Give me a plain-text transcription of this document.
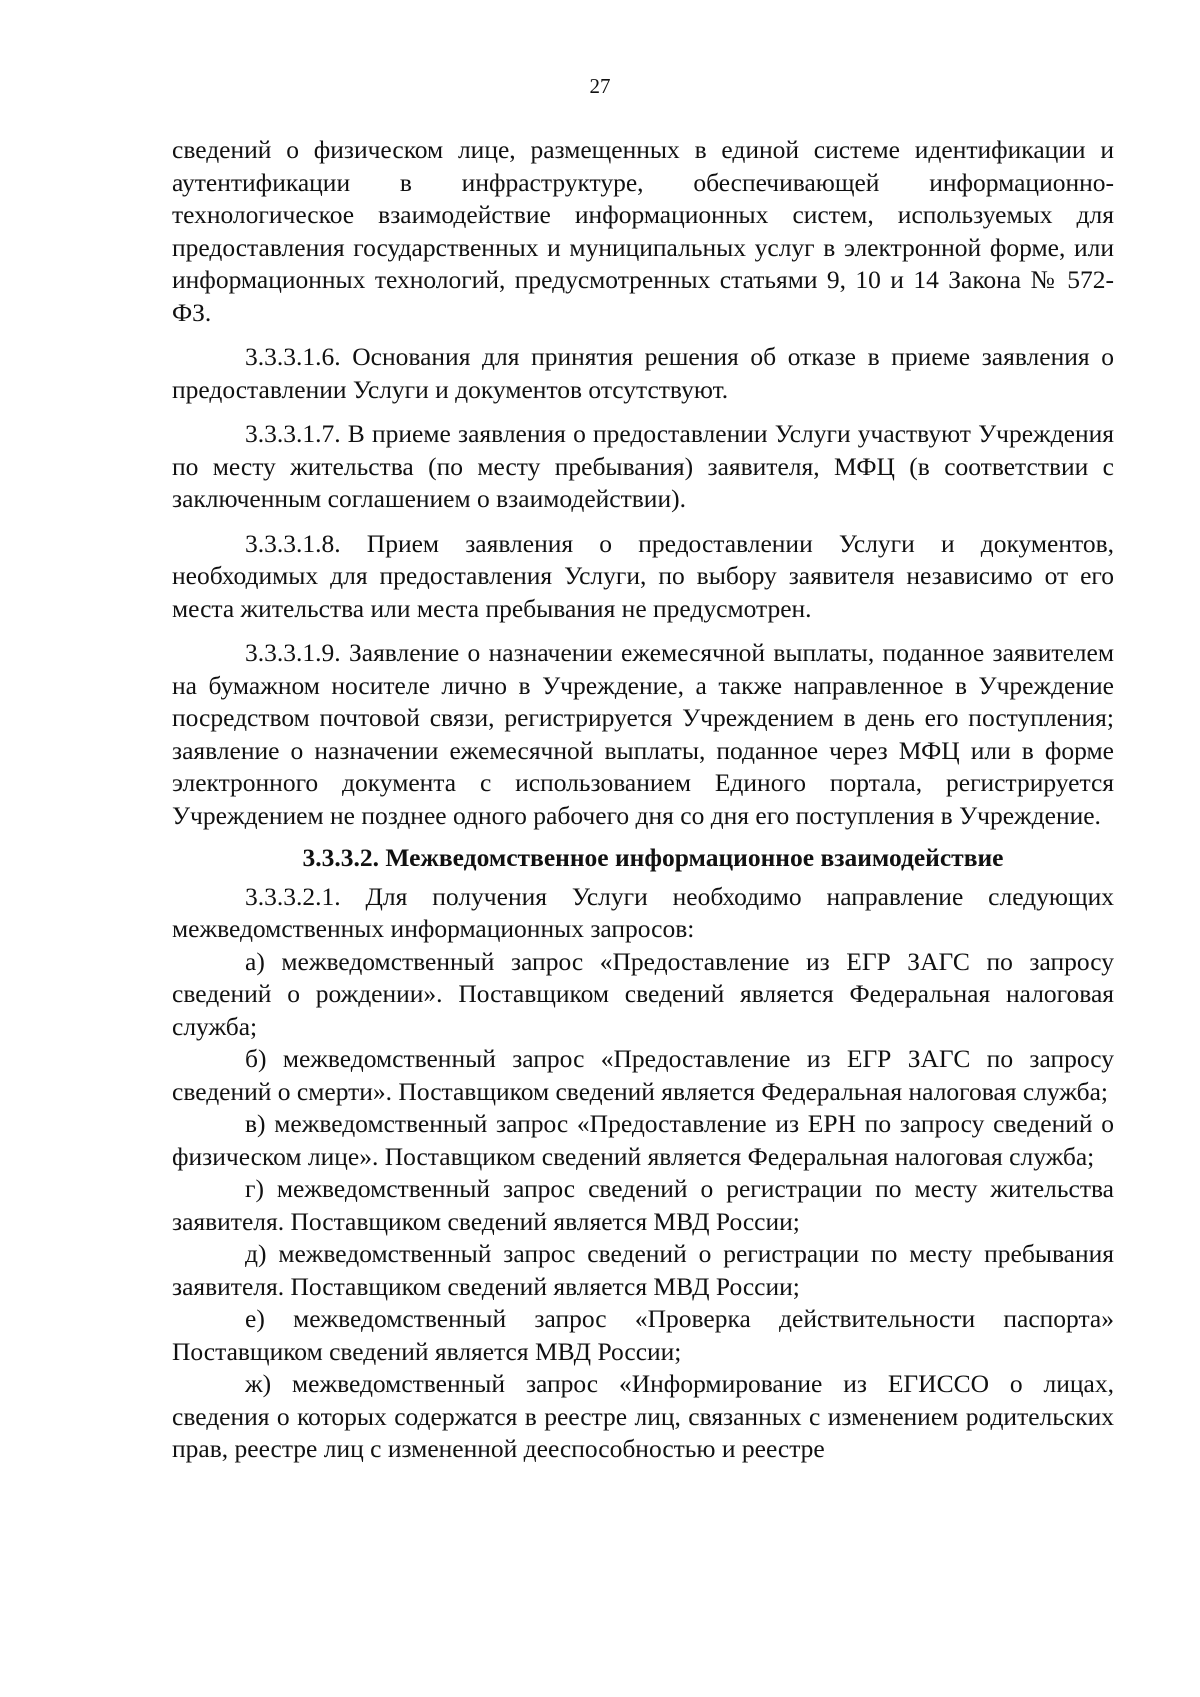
27

сведений о физическом лице, размещенных в единой системе идентификации и аутентификации в инфраструктуре, обеспечивающей информационно-технологическое взаимодействие информационных систем, используемых для предоставления государственных и муниципальных услуг в электронной форме, или информационных технологий, предусмотренных статьями 9, 10 и 14 Закона № 572-ФЗ.

3.3.3.1.6. Основания для принятия решения об отказе в приеме заявления о предоставлении Услуги и документов отсутствуют.

3.3.3.1.7. В приеме заявления о предоставлении Услуги участвуют Учреждения по месту жительства (по месту пребывания) заявителя, МФЦ (в соответствии с заключенным соглашением о взаимодействии).

3.3.3.1.8. Прием заявления о предоставлении Услуги и документов, необходимых для предоставления Услуги, по выбору заявителя независимо от его места жительства или места пребывания не предусмотрен.

3.3.3.1.9. Заявление о назначении ежемесячной выплаты, поданное заявителем на бумажном носителе лично в Учреждение, а также направленное в Учреждение посредством почтовой связи, регистрируется Учреждением в день его поступления; заявление о назначении ежемесячной выплаты, поданное через МФЦ или в форме электронного документа с использованием Единого портала, регистрируется Учреждением не позднее одного рабочего дня со дня его поступления в Учреждение.

3.3.3.2. Межведомственное информационное взаимодействие

3.3.3.2.1. Для получения Услуги необходимо направление следующих межведомственных информационных запросов:

а) межведомственный запрос «Предоставление из ЕГР ЗАГС по запросу сведений о рождении». Поставщиком сведений является Федеральная налоговая служба;

б) межведомственный запрос «Предоставление из ЕГР ЗАГС по запросу сведений о смерти». Поставщиком сведений является Федеральная налоговая служба;

в) межведомственный запрос «Предоставление из ЕРН по запросу сведений о физическом лице». Поставщиком сведений является Федеральная налоговая служба;

г) межведомственный запрос сведений о регистрации по месту жительства заявителя. Поставщиком сведений является МВД России;

д) межведомственный запрос сведений о регистрации по месту пребывания заявителя. Поставщиком сведений является МВД России;

е) межведомственный запрос «Проверка действительности паспорта» Поставщиком сведений является МВД России;

ж) межведомственный запрос «Информирование из ЕГИССО о лицах, сведения о которых содержатся в реестре лиц, связанных с изменением родительских прав, реестре лиц с измененной дееспособностью и реестре
